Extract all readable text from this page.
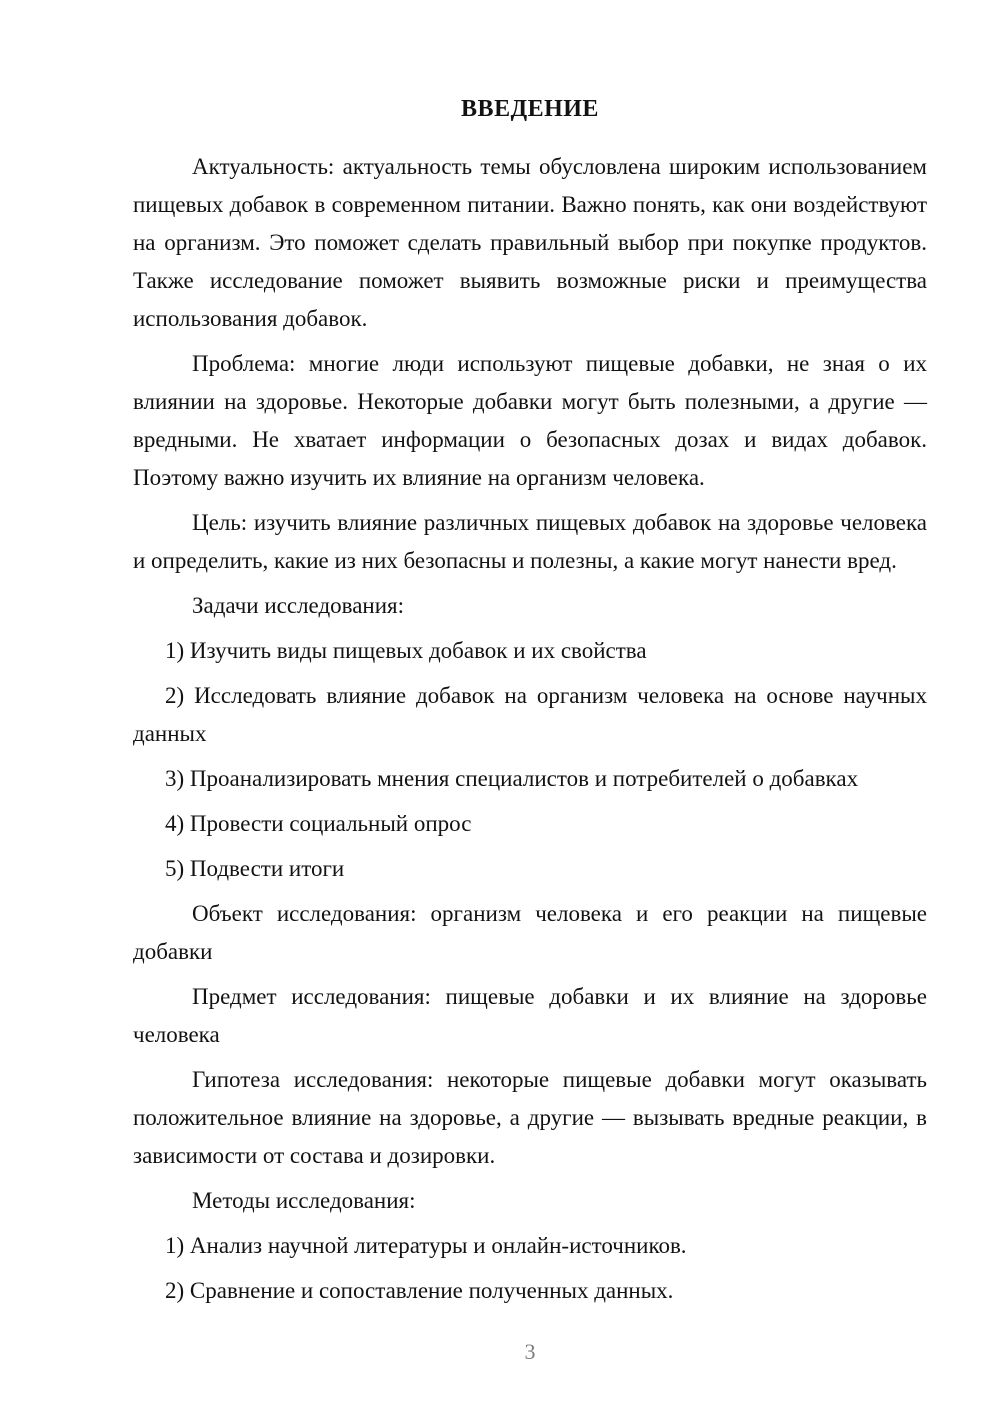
ВВЕДЕНИЕ

Актуальность: актуальность темы обусловлена широким использованием пищевых добавок в современном питании. Важно понять, как они воздействуют на организм. Это поможет сделать правильный выбор при покупке продуктов. Также исследование поможет выявить возможные риски и преимущества использования добавок.

Проблема: многие люди используют пищевые добавки, не зная о их влиянии на здоровье. Некоторые добавки могут быть полезными, а другие — вредными. Не хватает информации о безопасных дозах и видах добавок. Поэтому важно изучить их влияние на организм человека.

Цель: изучить влияние различных пищевых добавок на здоровье человека и определить, какие из них безопасны и полезны, а какие могут нанести вред.

Задачи исследования:

1) Изучить виды пищевых добавок и их свойства

2) Исследовать влияние добавок на организм человека на основе научных данных

3) Проанализировать мнения специалистов и потребителей о добавках

4) Провести социальный опрос

5) Подвести итоги

Объект исследования: организм человека и его реакции на пищевые добавки

Предмет исследования: пищевые добавки и их влияние на здоровье человека

Гипотеза исследования: некоторые пищевые добавки могут оказывать положительное влияние на здоровье, а другие — вызывать вредные реакции, в зависимости от состава и дозировки.

Методы исследования:

1) Анализ научной литературы и онлайн-источников.

2) Сравнение и сопоставление полученных данных.

3
